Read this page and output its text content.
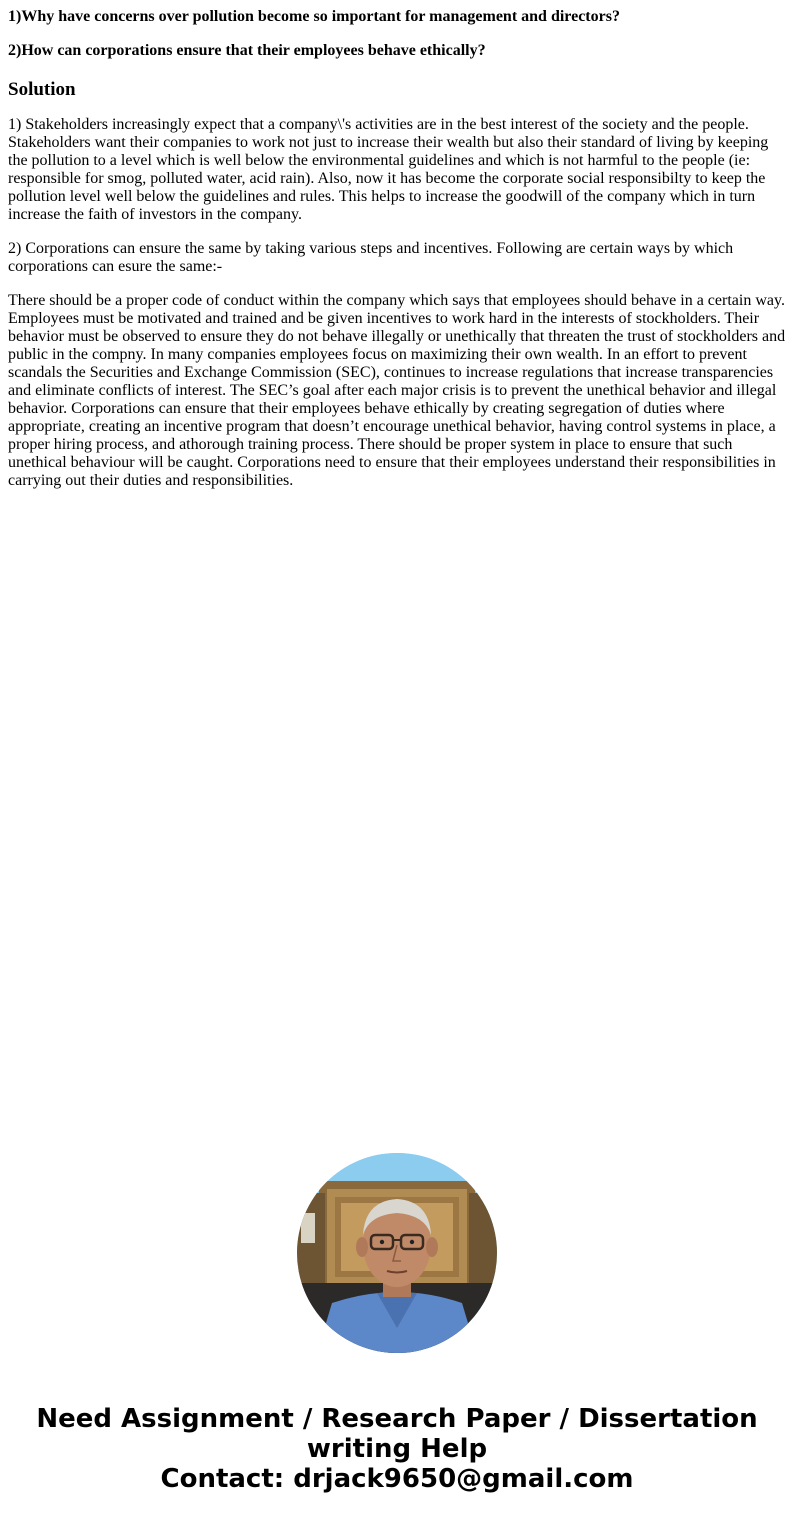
1)Why have concerns over pollution become so important for management and directors?

2)How can corporations ensure that their employees behave ethically?

Solution

1) Stakeholders increasingly expect that a company\'s activities are in the best interest of the society and the people. Stakeholders want their companies to work not just to increase their wealth but also their standard of living by keeping the pollution to a level which is well below the environmental guidelines and which is not harmful to the people (ie: responsible for smog, polluted water, acid rain). Also, now it has become the corporate social responsibilty to keep the pollution level well below the guidelines and rules. This helps to increase the goodwill of the company which in turn increase the faith of investors in the company.

2) Corporations can ensure the same by taking various steps and incentives. Following are certain ways by which corporations can esure the same:-

There should be a proper code of conduct within the company which says that employees should behave in a certain way. Employees must be motivated and trained and be given incentives to work hard in the interests of stockholders. Their behavior must be observed to ensure they do not behave illegally or unethically that threaten the trust of stockholders and public in the compny. In many companies employees focus on maximizing their own wealth. In an effort to prevent scandals the Securities and Exchange Commission (SEC), continues to increase regulations that increase transparencies and eliminate conflicts of interest. The SEC’s goal after each major crisis is to prevent the unethical behavior and illegal behavior. Corporations can ensure that their employees behave ethically by creating segregation of duties where appropriate, creating an incentive program that doesn’t encourage unethical behavior, having control systems in place, a proper hiring process, and athorough training process. There should be proper system in place to ensure that such unethical behaviour will be caught. Corporations need to ensure that their employees understand their responsibilities in carrying out their duties and responsibilities.

Need Assignment / Research Paper / Dissertation
writing Help
Contact: drjack9650@gmail.com
